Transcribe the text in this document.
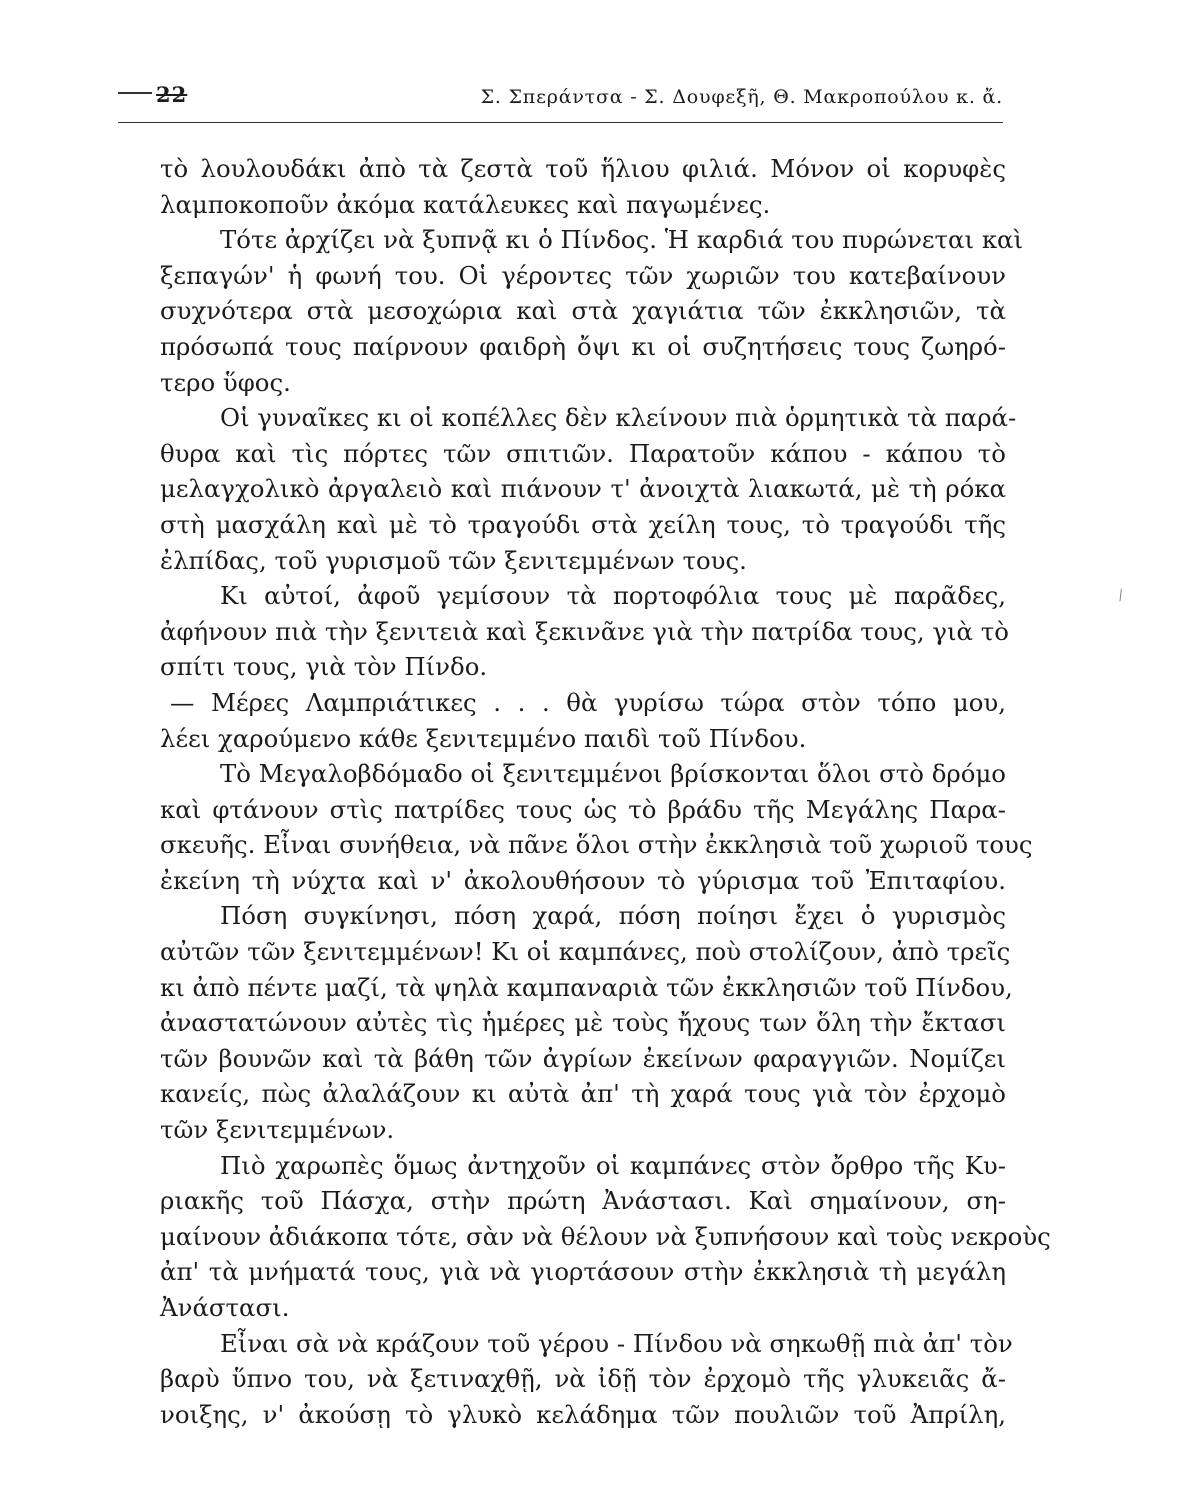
22	Σ. Σπεράντσα - Σ. Δουφεξῆ, Θ. Μακροπούλου κ. ἄ.
τὸ λουλουδάκι ἀπὸ τὰ ζεστὰ τοῦ ἥλιου φιλιά. Μόνον οἱ κορυφὲς
λαμποκοποῦν ἀκόμα κατάλευκες καὶ παγωμένες.
Τότε ἀρχίζει νὰ ξυπνᾷ κι ὁ Πίνδος. Ἡ καρδιά του πυρώνεται καὶ
ξεπαγών' ἡ φωνή του. Οἱ γέροντες τῶν χωριῶν του κατεβαίνουν
συχνότερα στὰ μεσοχώρια καὶ στὰ χαγιάτια τῶν ἐκκλησιῶν, τὰ
πρόσωπά τους παίρνουν φαιδρὴ ὄψι κι οἱ συζητήσεις τους ζωηρό-
τερο ὕφος.
Οἱ γυναῖκες κι οἱ κοπέλλες δὲν κλείνουν πιὰ ὁρμητικὰ τὰ παρά-
θυρα καὶ τὶς πόρτες τῶν σπιτιῶν. Παρατοῦν κάπου - κάπου τὸ
μελαγχολικὸ ἀργαλειὸ καὶ πιάνουν τ' ἀνοιχτὰ λιακωτά, μὲ τὴ ρόκα
στὴ μασχάλη καὶ μὲ τὸ τραγούδι στὰ χείλη τους, τὸ τραγούδι τῆς
ἐλπίδας, τοῦ γυρισμοῦ τῶν ξενιτεμμένων τους.
Κι αὐτοί, ἀφοῦ γεμίσουν τὰ πορτοφόλια τους μὲ παρᾶδες,
ἀφήνουν πιὰ τὴν ξενιτειὰ καὶ ξεκινᾶνε γιὰ τὴν πατρίδα τους, γιὰ τὸ
σπίτι τους, γιὰ τὸν Πίνδο.
— Μέρες Λαμπριάτικες . . . θὰ γυρίσω τώρα στὸν τόπο μου,
λέει χαρούμενο κάθε ξενιτεμμένο παιδὶ τοῦ Πίνδου.
Τὸ Μεγαλοβδόμαδο οἱ ξενιτεμμένοι βρίσκονται ὅλοι στὸ δρόμο
καὶ φτάνουν στὶς πατρίδες τους ὡς τὸ βράδυ τῆς Μεγάλης Παρα-
σκευῆς. Εἶναι συνήθεια, νὰ πᾶνε ὅλοι στὴν ἐκκλησιὰ τοῦ χωριοῦ τους
ἐκείνη τὴ νύχτα καὶ ν' ἀκολουθήσουν τὸ γύρισμα τοῦ Ἐπιταφίου.
Πόση συγκίνησι, πόση χαρά, πόση ποίησι ἔχει ὁ γυρισμὸς
αὐτῶν τῶν ξενιτεμμένων! Κι οἱ καμπάνες, ποὺ στολίζουν, ἀπὸ τρεῖς
κι ἀπὸ πέντε μαζί, τὰ ψηλὰ καμπαναριὰ τῶν ἐκκλησιῶν τοῦ Πίνδου,
ἀναστατώνουν αὐτὲς τὶς ἡμέρες μὲ τοὺς ἤχους των ὅλη τὴν ἔκτασι
τῶν βουνῶν καὶ τὰ βάθη τῶν ἀγρίων ἐκείνων φαραγγιῶν. Νομίζει
κανείς, πὼς ἀλαλάζουν κι αὐτὰ ἀπ' τὴ χαρά τους γιὰ τὸν ἐρχομὸ
τῶν ξενιτεμμένων.
Πιὸ χαρωπὲς ὅμως ἀντηχοῦν οἱ καμπάνες στὸν ὄρθρο τῆς Κυ-
ριακῆς τοῦ Πάσχα, στὴν πρώτη Ἀνάστασι. Καὶ σημαίνουν, ση-
μαίνουν ἀδιάκοπα τότε, σὰν νὰ θέλουν νὰ ξυπνήσουν καὶ τοὺς νεκροὺς
ἀπ' τὰ μνήματά τους, γιὰ νὰ γιορτάσουν στὴν ἐκκλησιὰ τὴ μεγάλη
Ἀνάστασι.
Εἶναι σὰ νὰ κράζουν τοῦ γέρου - Πίνδου νὰ σηκωθῇ πιὰ ἀπ' τὸν
βαρὺ ὕπνο του, νὰ ξετιναχθῇ, νὰ ἰδῇ τὸν ἐρχομὸ τῆς γλυκειᾶς ἄ-
νοιξης, ν' ἀκούσῃ τὸ γλυκὸ κελάδημα τῶν πουλιῶν τοῦ Ἀπρίλη,
⁄
